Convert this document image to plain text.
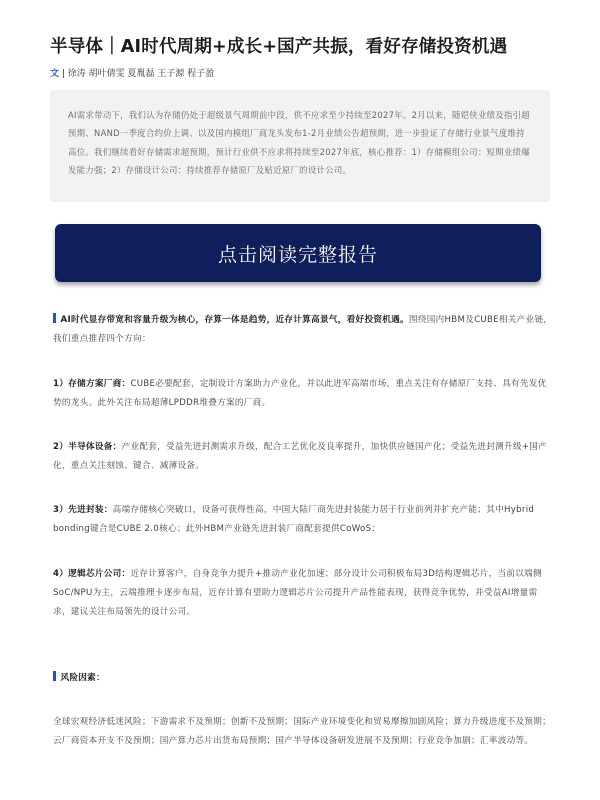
半导体｜AI时代周期+成长+国产共振，看好存储投资机遇
文 | 徐涛 胡叶倩雯 夏胤磊 王子源 程子盈
AI需求带动下，我们认为存储仍处于超级景气周期前中段，供不应求至少持续至2027年。2月以来，随铠侠业绩及指引超预期、NAND一季度合约价上调、以及国内模组厂商龙头发布1-2月业绩公告超预期，进一步验证了存储行业景气度维持高位。我们继续看好存储需求超预期，预计行业供不应求将持续至2027年底，核心推荐：1）存储模组公司：短期业绩爆发能力强；2）存储设计公司：持续推荐存储原厂及贴近原厂的设计公司。
点击阅读完整报告
AI时代显存带宽和容量升级为核心，存算一体是趋势，近存计算高景气，看好投资机遇。围绕国内HBM及CUBE相关产业链，我们重点推荐四个方向：
1）存储方案厂商：CUBE必要配套，定制设计方案助力产业化，并以此进军高端市场，重点关注有存储原厂支持、具有先发优势的龙头。此外关注布局超薄LPDDR堆叠方案的厂商。
2）半导体设备：产业配套，受益先进封测需求升级，配合工艺优化及良率提升，加快供应链国产化；受益先进封测升级+国产化，重点关注刻蚀、键合、减薄设备。
3）先进封装：高端存储核心突破口，设备可获得性高，中国大陆厂商先进封装能力居于行业前列并扩充产能；其中Hybrid bonding键合是CUBE 2.0核心；此外HBM产业链先进封装厂商配套提供CoWoS；
4）逻辑芯片公司：近存计算客户，自身竞争力提升+推动产业化加速；部分设计公司积极布局3D结构逻辑芯片，当前以端侧SoC/NPU为主，云端推理卡逐步布局，近存计算有望助力逻辑芯片公司提升产品性能表现，获得竞争优势，并受益AI增量需求，建议关注布局领先的设计公司。
风险因素：
全球宏观经济低迷风险；下游需求不及预期；创新不及预期；国际产业环境变化和贸易摩擦加剧风险；算力升级进度不及预期；云厂商资本开支不及预期；国产算力芯片出货布局预期；国产半导体设备研发进展不及预期；行业竞争加剧；汇率波动等。
